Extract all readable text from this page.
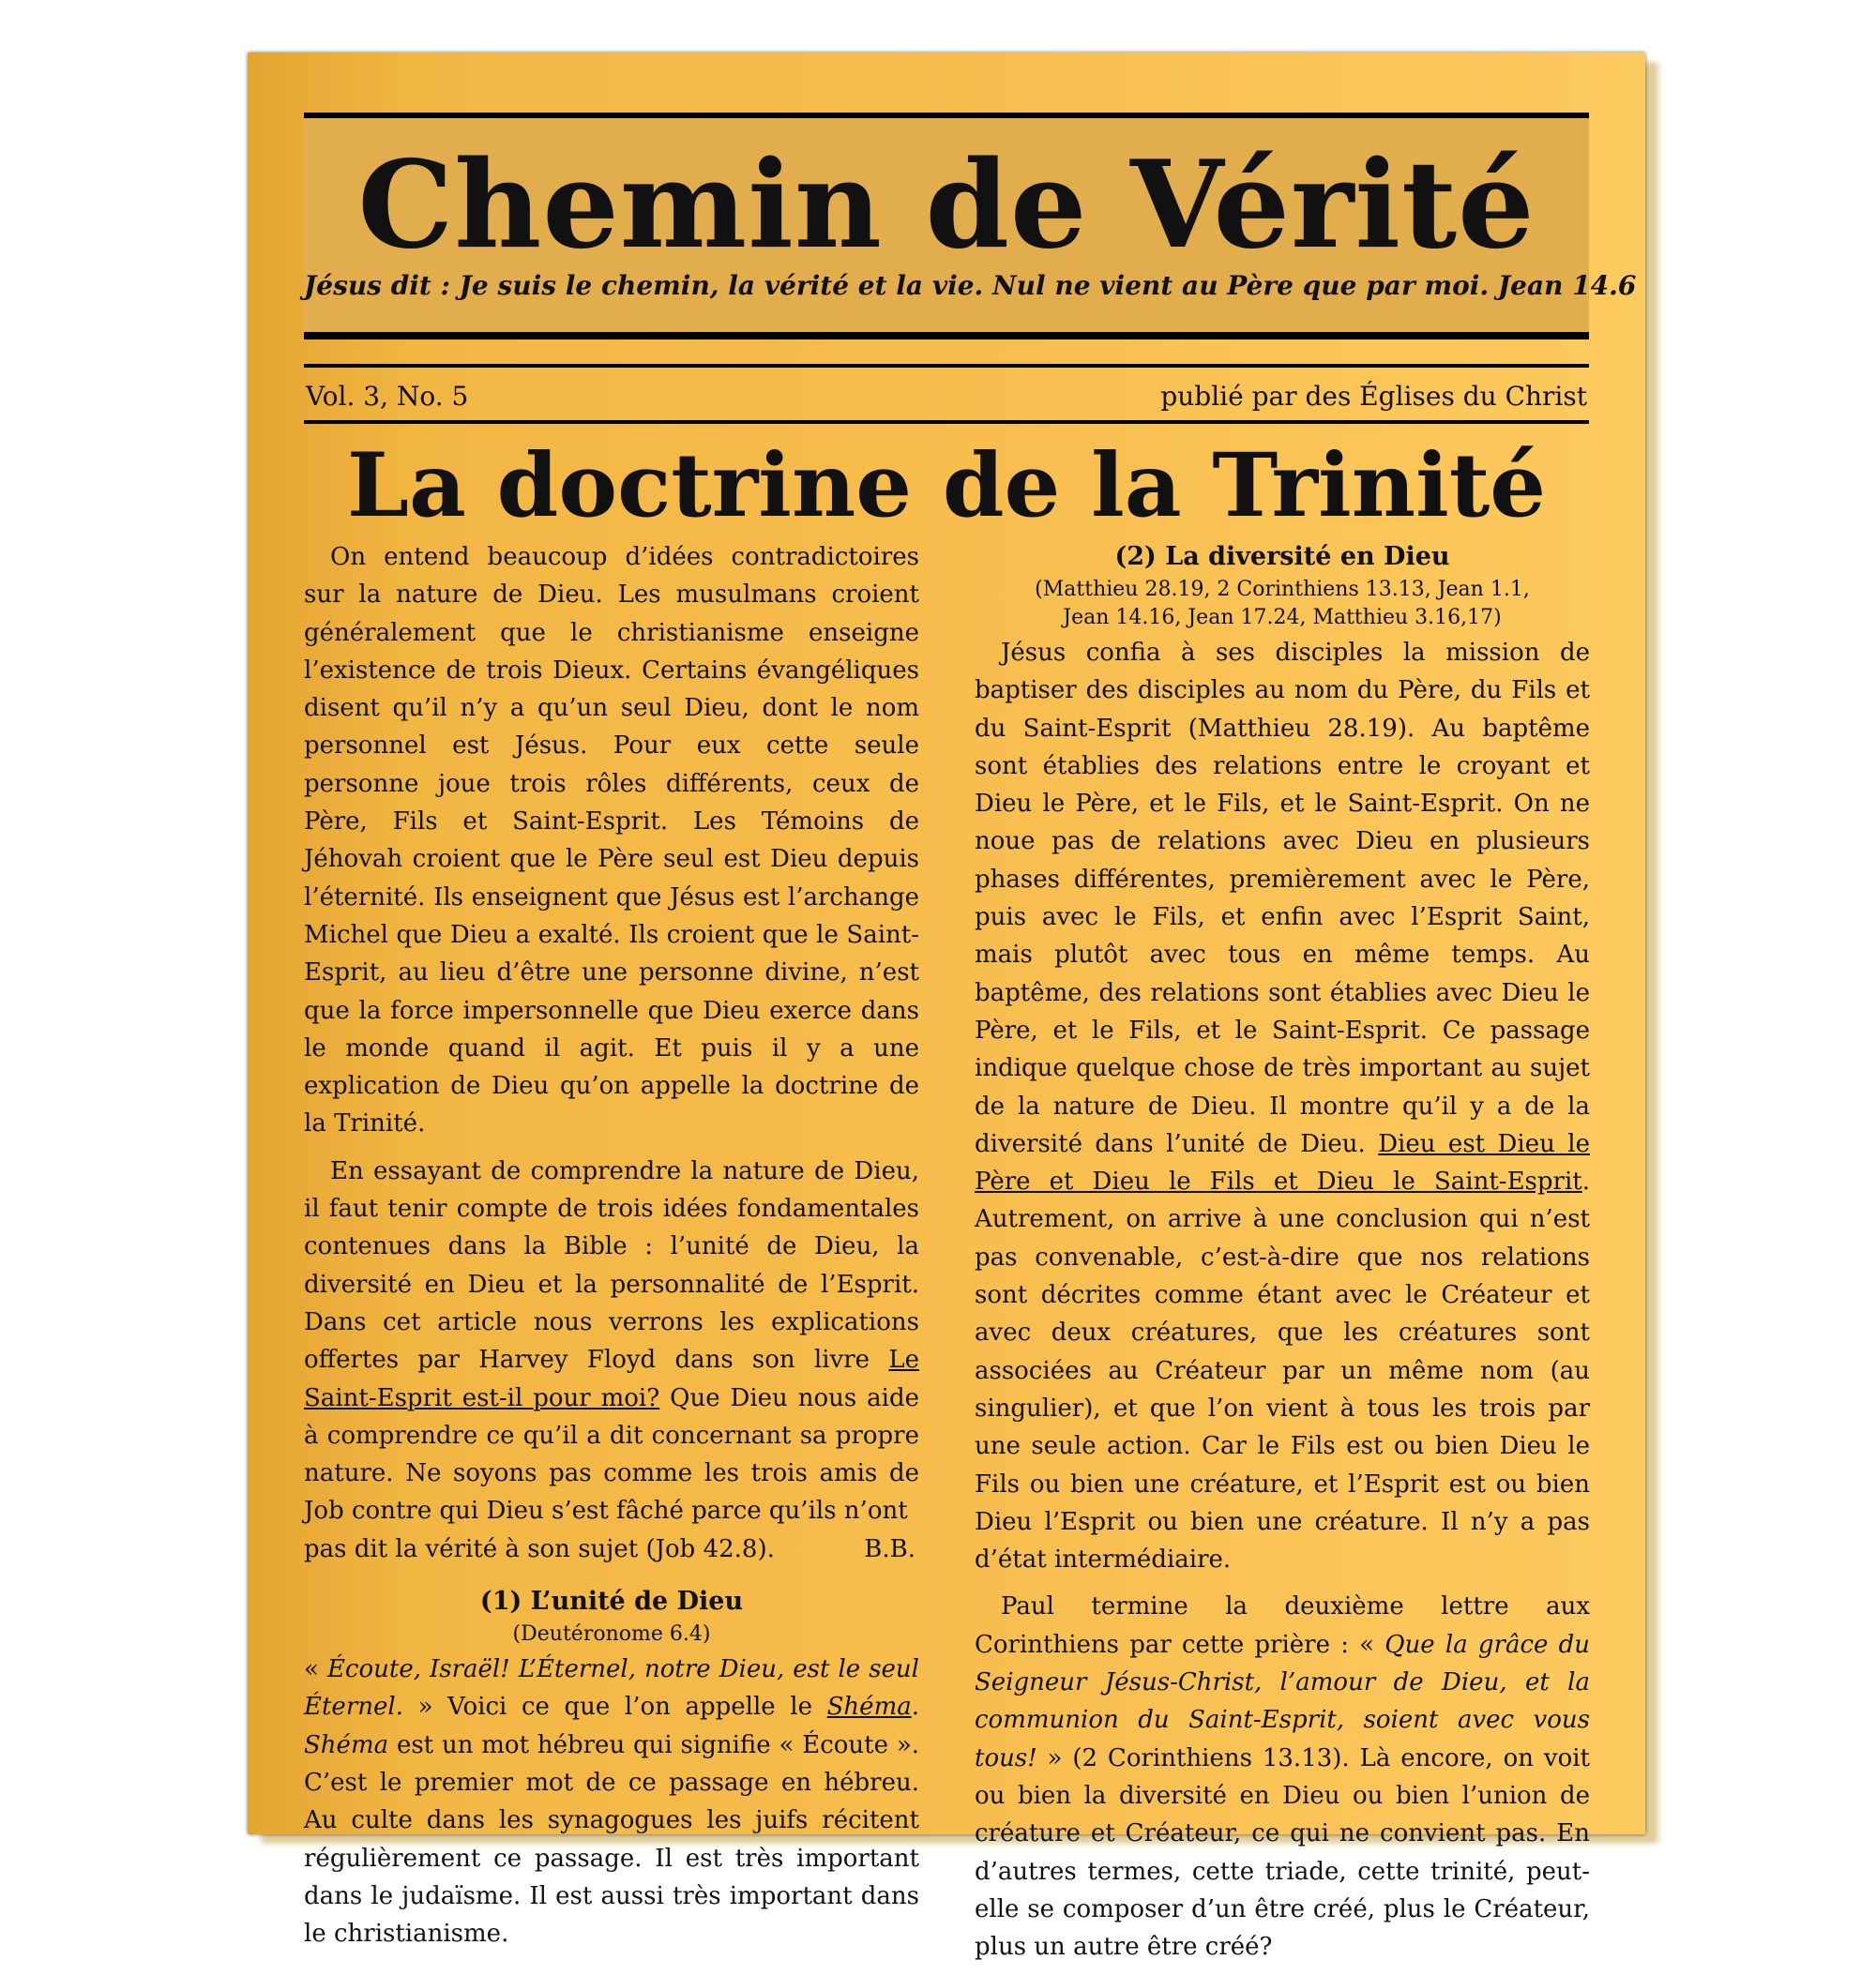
Chemin de Vérité
Jésus dit : Je suis le chemin, la vérité et la vie. Nul ne vient au Père que par moi. Jean 14.6
Vol. 3, No. 5	publié par des Églises du Christ
La doctrine de la Trinité

On entend beaucoup d’idées contradictoires sur la nature de Dieu. Les musulmans croient généralement que le christianisme enseigne l’existence de trois Dieux. Certains évangéliques disent qu’il n’y a qu’un seul Dieu, dont le nom personnel est Jésus. Pour eux cette seule personne joue trois rôles différents, ceux de Père, Fils et Saint-Esprit. Les Témoins de Jéhovah croient que le Père seul est Dieu depuis l’éternité. Ils enseignent que Jésus est l’archange Michel que Dieu a exalté. Ils croient que le Saint-Esprit, au lieu d’être une personne divine, n’est que la force impersonnelle que Dieu exerce dans le monde quand il agit. Et puis il y a une explication de Dieu qu’on appelle la doctrine de la Trinité.

En essayant de comprendre la nature de Dieu, il faut tenir compte de trois idées fondamentales contenues dans la Bible : l’unité de Dieu, la diversité en Dieu et la personnalité de l’Esprit. Dans cet article nous verrons les explications offertes par Harvey Floyd dans son livre Le Saint-Esprit est-il pour moi? Que Dieu nous aide à comprendre ce qu’il a dit concernant sa propre nature. Ne soyons pas comme les trois amis de Job contre qui Dieu s’est fâché parce qu’ils n’ont

pas dit la vérité à son sujet (Job 42.8).	B.B.
(1) L’unité de Dieu
(Deutéronome 6.4)

« Écoute, Israël! L’Éternel, notre Dieu, est le seul Éternel. » Voici ce que l’on appelle le Shéma. Shéma est un mot hébreu qui signifie « Écoute ». C’est le premier mot de ce passage en hébreu. Au culte dans les synagogues les juifs récitent régulièrement ce passage. Il est très important dans le judaïsme. Il est aussi très important dans le christianisme.

(2) La diversité en Dieu
(Matthieu 28.19, 2 Corinthiens 13.13, Jean 1.1,
Jean 14.16, Jean 17.24, Matthieu 3.16,17)

Jésus confia à ses disciples la mission de baptiser des disciples au nom du Père, du Fils et du Saint-Esprit (Matthieu 28.19). Au baptême sont établies des relations entre le croyant et Dieu le Père, et le Fils, et le Saint-Esprit. On ne noue pas de relations avec Dieu en plusieurs phases différentes, premièrement avec le Père, puis avec le Fils, et enfin avec l’Esprit Saint, mais plutôt avec tous en même temps. Au baptême, des relations sont établies avec Dieu le Père, et le Fils, et le Saint-Esprit. Ce passage indique quelque chose de très important au sujet de la nature de Dieu. Il montre qu’il y a de la diversité dans l’unité de Dieu. Dieu est Dieu le Père et Dieu le Fils et Dieu le Saint-Esprit. Autrement, on arrive à une conclusion qui n’est pas convenable, c’est-à-dire que nos relations sont décrites comme étant avec le Créateur et avec deux créatures, que les créatures sont associées au Créateur par un même nom (au singulier), et que l’on vient à tous les trois par une seule action. Car le Fils est ou bien Dieu le Fils ou bien une créature, et l’Esprit est ou bien Dieu l’Esprit ou bien une créature. Il n’y a pas d’état intermédiaire.

Paul termine la deuxième lettre aux Corinthiens par cette prière : « Que la grâce du Seigneur Jésus-Christ, l’amour de Dieu, et la communion du Saint-Esprit, soient avec vous tous! » (2 Corinthiens 13.13). Là encore, on voit ou bien la diversité en Dieu ou bien l’union de créature et Créateur, ce qui ne convient pas. En d’autres termes, cette triade, cette trinité, peut-elle se composer d’un être créé, plus le Créateur, plus un autre être créé?
